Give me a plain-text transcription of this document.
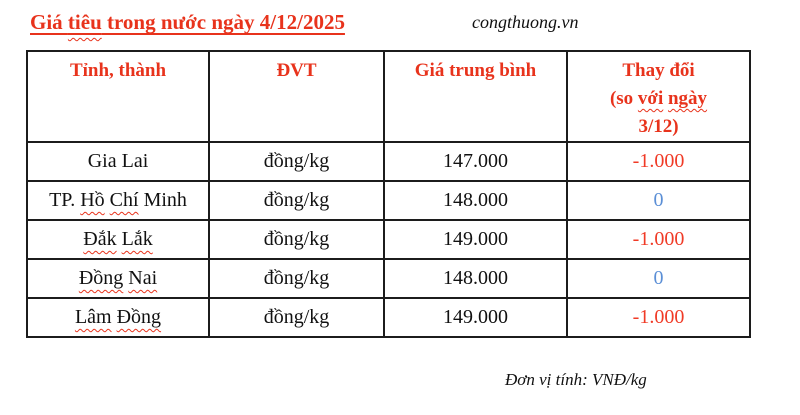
Giá tiêu trong nước ngày 4/12/2025	congthuong.vn
Tỉnh, thành	ĐVT	Giá trung bình	Thay đổi
(so với ngày
3/12)
Gia Lai	đồng/kg	147.000	-1.000
TP. Hồ Chí Minh	đồng/kg	148.000	0
Đắk Lắk	đồng/kg	149.000	-1.000
Đồng Nai	đồng/kg	148.000	0
Lâm Đồng	đồng/kg	149.000	-1.000
Đơn vị tính: VNĐ/kg
